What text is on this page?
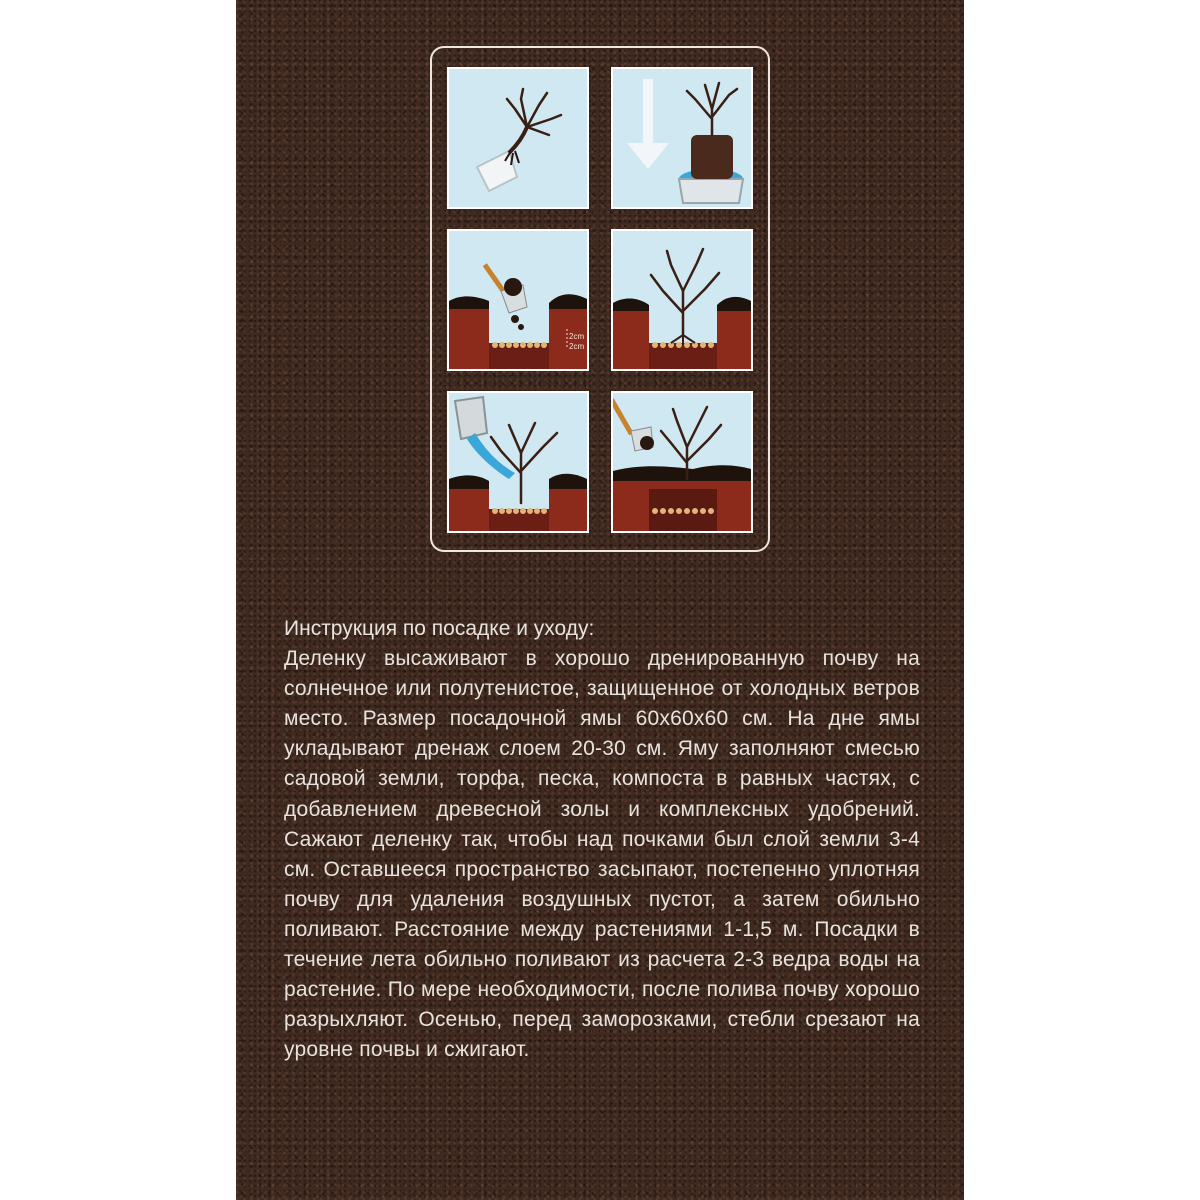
2cm
2cm

Инструкция по посадке и уходу:

Деленку высаживают в хорошо дренированную почву на солнечное или полутенистое, защищенное от холодных ветров место. Размер посадочной ямы 60х60х60 см. На дне ямы укладывают дренаж слоем 20-30 см. Яму заполняют смесью садовой земли, торфа, песка, компоста в равных частях, с добавлением древесной золы и комплексных удобрений. Сажают деленку так, чтобы над почками был слой земли 3-4 см. Оставшееся пространство засыпают, постепенно уплотняя почву для удаления воздушных пустот, а затем обильно поливают. Расстояние между растениями 1-1,5 м. Посадки в течение лета обильно поливают из расчета 2-3 ведра воды на растение. По мере необходимости, после полива почву хорошо разрыхляют. Осенью, перед заморозками, стебли срезают на уровне почвы и сжигают.
